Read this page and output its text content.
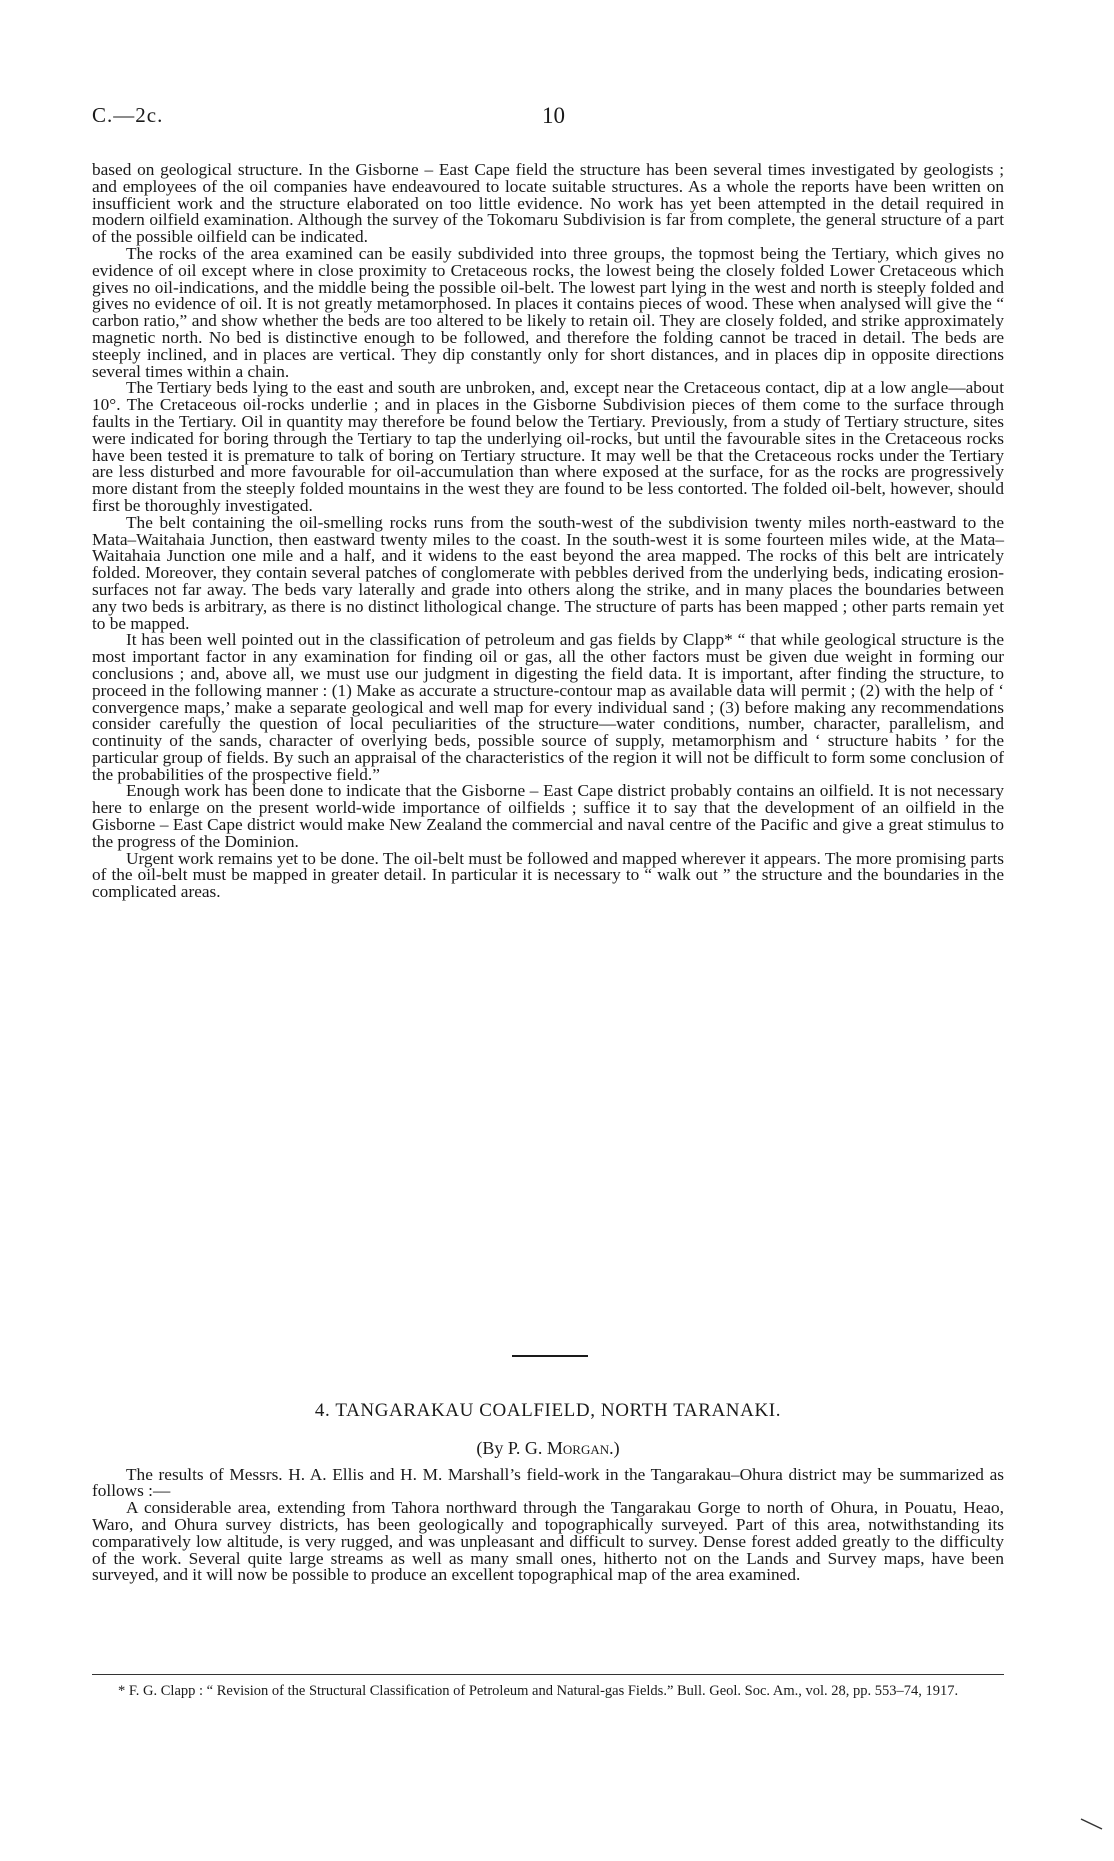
C.—2c.	10

based on geological structure. In the Gisborne – East Cape field the structure has been several times investigated by geologists ; and employees of the oil companies have endeavoured to locate suitable structures. As a whole the reports have been written on insufficient work and the structure elaborated on too little evidence. No work has yet been attempted in the detail required in modern oilfield examination. Although the survey of the Tokomaru Subdivision is far from complete, the general structure of a part of the possible oilfield can be indicated.

The rocks of the area examined can be easily subdivided into three groups, the topmost being the Tertiary, which gives no evidence of oil except where in close proximity to Cretaceous rocks, the lowest being the closely folded Lower Cretaceous which gives no oil-indications, and the middle being the possible oil-belt. The lowest part lying in the west and north is steeply folded and gives no evidence of oil. It is not greatly metamorphosed. In places it contains pieces of wood. These when analysed will give the “ carbon ratio,” and show whether the beds are too altered to be likely to retain oil. They are closely folded, and strike approximately magnetic north. No bed is distinctive enough to be followed, and therefore the folding cannot be traced in detail. The beds are steeply inclined, and in places are vertical. They dip constantly only for short distances, and in places dip in opposite directions several times within a chain.

The Tertiary beds lying to the east and south are unbroken, and, except near the Cretaceous contact, dip at a low angle—about 10°. The Cretaceous oil-rocks underlie ; and in places in the Gisborne Subdivision pieces of them come to the surface through faults in the Tertiary. Oil in quantity may therefore be found below the Tertiary. Previously, from a study of Tertiary structure, sites were indicated for boring through the Tertiary to tap the underlying oil-rocks, but until the favourable sites in the Cretaceous rocks have been tested it is premature to talk of boring on Tertiary structure. It may well be that the Cretaceous rocks under the Tertiary are less disturbed and more favourable for oil-accumulation than where exposed at the surface, for as the rocks are progressively more distant from the steeply folded mountains in the west they are found to be less contorted. The folded oil-belt, however, should first be thoroughly investigated.

The belt containing the oil-smelling rocks runs from the south-west of the subdivision twenty miles north-eastward to the Mata–Waitahaia Junction, then eastward twenty miles to the coast. In the south-west it is some fourteen miles wide, at the Mata–Waitahaia Junction one mile and a half, and it widens to the east beyond the area mapped. The rocks of this belt are intricately folded. Moreover, they contain several patches of conglomerate with pebbles derived from the underlying beds, indicating erosion-surfaces not far away. The beds vary laterally and grade into others along the strike, and in many places the boundaries between any two beds is arbitrary, as there is no distinct lithological change. The structure of parts has been mapped ; other parts remain yet to be mapped.

It has been well pointed out in the classification of petroleum and gas fields by Clapp* “ that while geological structure is the most important factor in any examination for finding oil or gas, all the other factors must be given due weight in forming our conclusions ; and, above all, we must use our judgment in digesting the field data. It is important, after finding the structure, to proceed in the following manner : (1) Make as accurate a structure-contour map as available data will permit ; (2) with the help of ‘ convergence maps,’ make a separate geological and well map for every individual sand ; (3) before making any recommendations consider carefully the question of local peculiarities of the structure—water conditions, number, character, parallelism, and continuity of the sands, character of overlying beds, possible source of supply, metamorphism and ‘ structure habits ’ for the particular group of fields. By such an appraisal of the characteristics of the region it will not be difficult to form some conclusion of the probabilities of the prospective field.”

Enough work has been done to indicate that the Gisborne – East Cape district probably contains an oilfield. It is not necessary here to enlarge on the present world-wide importance of oilfields ; suffice it to say that the development of an oilfield in the Gisborne – East Cape district would make New Zealand the commercial and naval centre of the Pacific and give a great stimulus to the progress of the Dominion.

Urgent work remains yet to be done. The oil-belt must be followed and mapped wherever it appears. The more promising parts of the oil-belt must be mapped in greater detail. In particular it is necessary to “ walk out ” the structure and the boundaries in the complicated areas.

4. TANGARAKAU COALFIELD, NORTH TARANAKI.
(By P. G. Morgan.)

The results of Messrs. H. A. Ellis and H. M. Marshall’s field-work in the Tangarakau–Ohura district may be summarized as follows :—

A considerable area, extending from Tahora northward through the Tangarakau Gorge to north of Ohura, in Pouatu, Heao, Waro, and Ohura survey districts, has been geologically and topographically surveyed. Part of this area, notwithstanding its comparatively low altitude, is very rugged, and was unpleasant and difficult to survey. Dense forest added greatly to the difficulty of the work. Several quite large streams as well as many small ones, hitherto not on the Lands and Survey maps, have been surveyed, and it will now be possible to produce an excellent topographical map of the area examined.

* F. G. Clapp : “ Revision of the Structural Classification of Petroleum and Natural-gas Fields.” Bull. Geol. Soc. Am., vol. 28, pp. 553–74, 1917.
